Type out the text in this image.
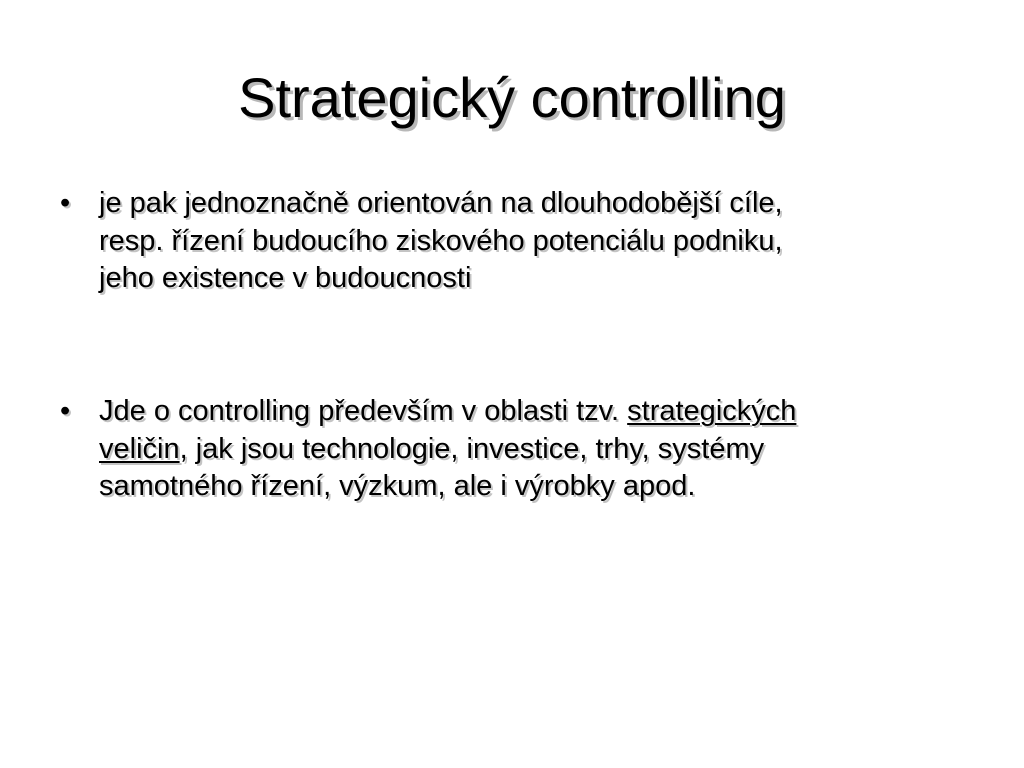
Strategický controlling
• je pak jednoznačně orientován na dlouhodobější cíle,
resp. řízení budoucího ziskového potenciálu podniku,
jeho existence v budoucnosti
• Jde o controlling především v oblasti tzv. strategických
veličin, jak jsou technologie, investice, trhy, systémy
samotného řízení, výzkum, ale i výrobky apod.
